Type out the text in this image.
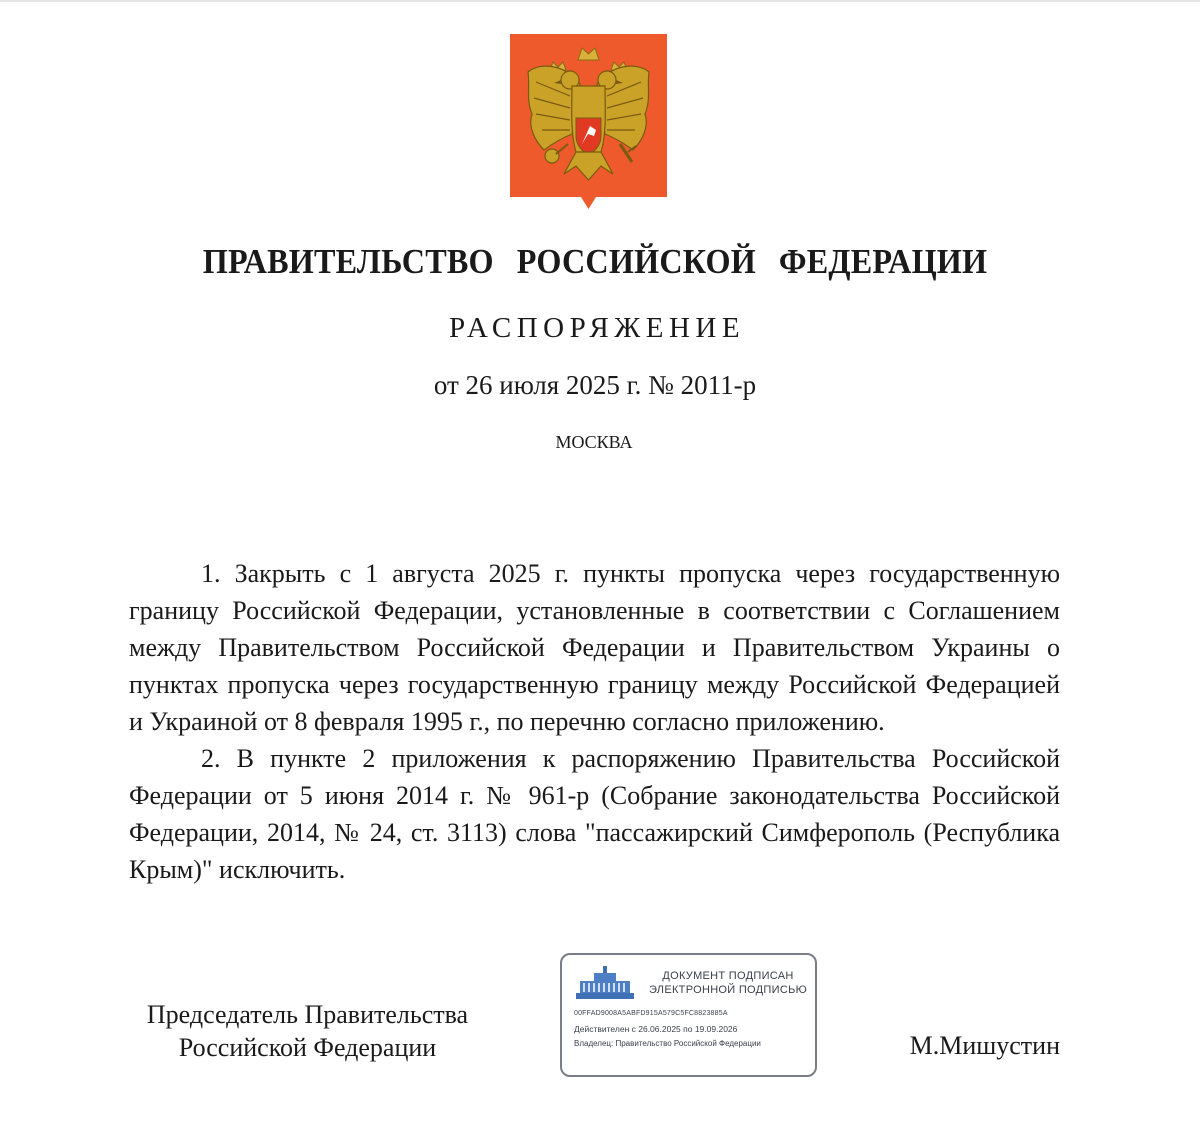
ПРАВИТЕЛЬСТВО РОССИЙСКОЙ ФЕДЕРАЦИИ
РАСПОРЯЖЕНИЕ
от 26 июля 2025 г. № 2011-р
МОСКВА

1. Закрыть с 1 августа 2025 г. пункты пропуска через государственную границу Российской Федерации, установленные в соответствии с Соглашением между Правительством Российской Федерации и Правительством Украины о пунктах пропуска через государственную границу между Российской Федерацией и Украиной от 8 февраля 1995 г., по перечню согласно приложению.

2. В пункте 2 приложения к распоряжению Правительства Российской Федерации от 5 июня 2014 г. № 961-р (Собрание законодательства Российской Федерации, 2014, № 24, ст. 3113) слова "пассажирский Симферополь (Республика Крым)" исключить.

Председатель Правительства
Российской Федерации
ДОКУМЕНТ ПОДПИСАН
ЭЛЕКТРОННОЙ ПОДПИСЬЮ
00FFAD9008A5ABFD915A579C5FC8823885A
Действителен с 26.06.2025 по 19.09.2026
Владелец: Правительство Российской Федерации	М.Мишустин
